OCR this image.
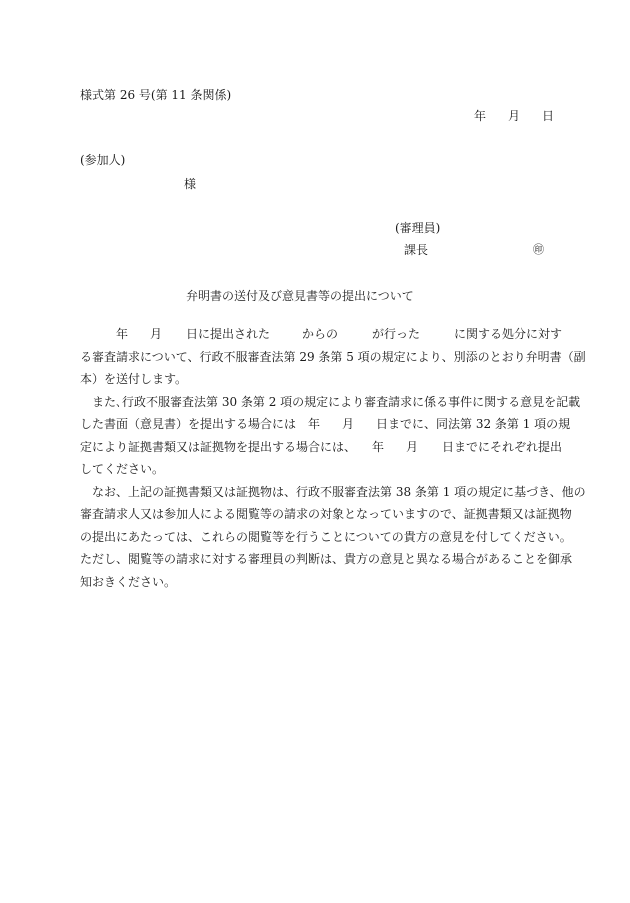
様式第 26 号(第 11 条関係)
年 月 日
(参加人)
様
(審理員)
課長	㊞
弁明書の送付及び意見書等の提出について
年 月 日に提出された	からの	が行った	に関する処分に対す
る審査請求について、行政不服審査法第 29 条第 5 項の規定により、別添のとおり弁明書（副
本）を送付します。
また､行政不服審査法第 30 条第 2 項の規定により審査請求に係る事件に関する意見を記載
した書面（意見書）を提出する場合には 年 月 日までに、同法第 32 条第 1 項の規
定により証拠書類又は証拠物を提出する場合には、 年 月 日までにそれぞれ提出
してください。
なお、上記の証拠書類又は証拠物は、行政不服審査法第 38 条第 1 項の規定に基づき、他の
審査請求人又は参加人による閲覧等の請求の対象となっていますので、証拠書類又は証拠物
の提出にあたっては、これらの閲覧等を行うことについての貴方の意見を付してください。
ただし、閲覧等の請求に対する審理員の判断は、貴方の意見と異なる場合があることを御承
知おきください。
